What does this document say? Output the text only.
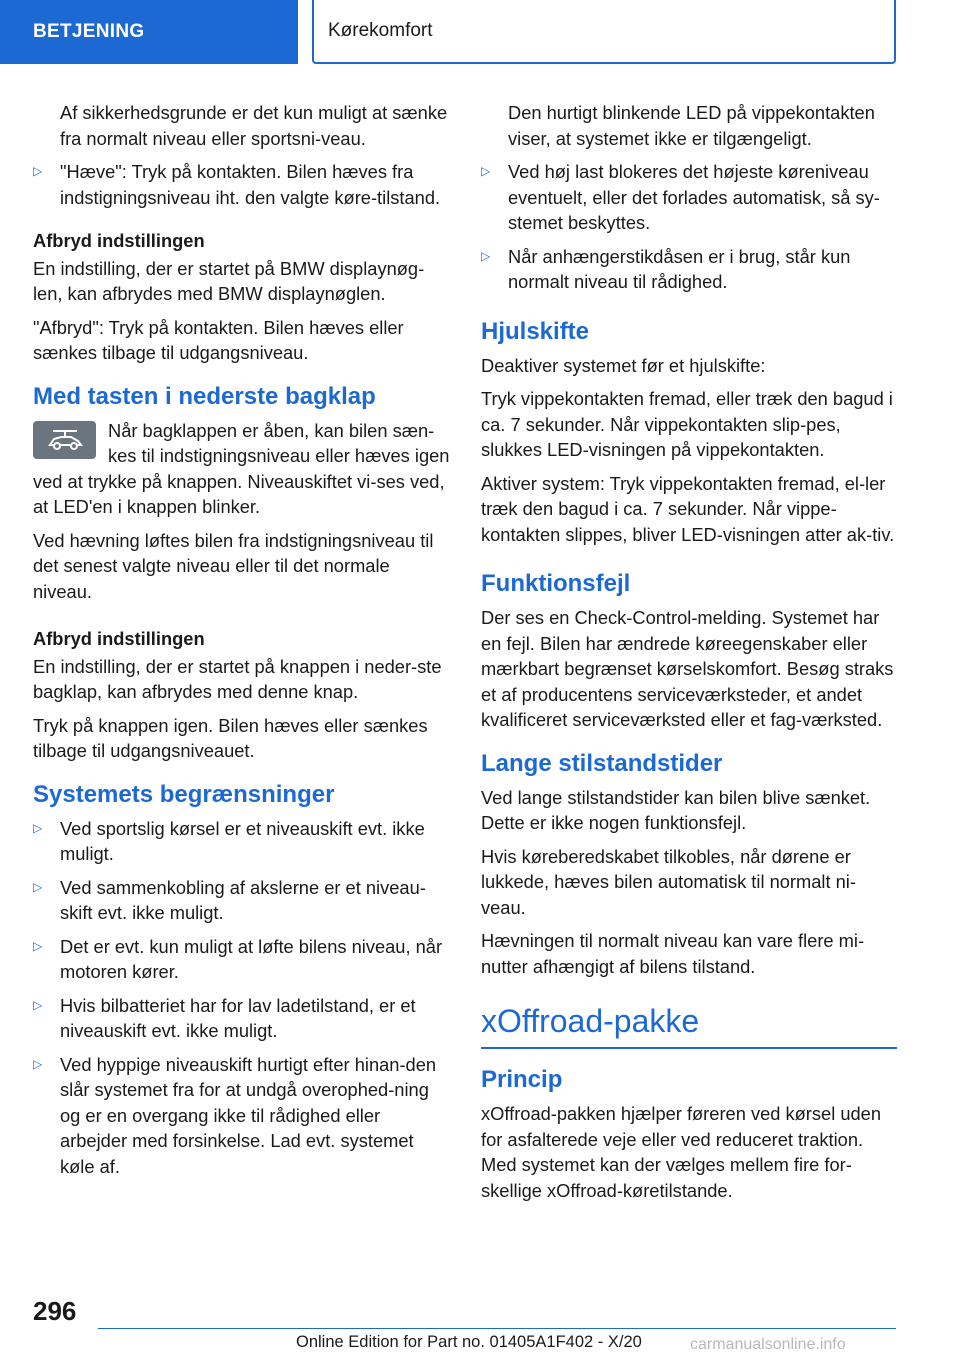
BETJENING	Kørekomfort

Af sikkerhedsgrunde er det kun muligt at sænke fra normalt niveau eller sportsni-veau.

▷ "Hæve": Tryk på kontakten. Bilen hæves fra indstigningsniveau iht. den valgte køre-tilstand.
Afbryd indstillingen

En indstilling, der er startet på BMW displaynøg-len, kan afbrydes med BMW displaynøglen.

"Afbryd": Tryk på kontakten. Bilen hæves eller sænkes tilbage til udgangsniveau.

Med tasten i nederste bagklap

Når bagklappen er åben, kan bilen sæn-kes til indstigningsniveau eller hæves igen ved at trykke på knappen. Niveauskiftet vi-ses ved, at LED'en i knappen blinker.

Ved hævning løftes bilen fra indstigningsniveau til det senest valgte niveau eller til det normale niveau.

Afbryd indstillingen

En indstilling, der er startet på knappen i neder-ste bagklap, kan afbrydes med denne knap.

Tryk på knappen igen. Bilen hæves eller sænkes tilbage til udgangsniveauet.

Systemets begrænsninger
▷ Ved sportslig kørsel er et niveauskift evt. ikke muligt.
▷ Ved sammenkobling af akslerne er et niveau-skift evt. ikke muligt.
▷ Det er evt. kun muligt at løfte bilens niveau, når motoren kører.
▷ Hvis bilbatteriet har for lav ladetilstand, er et niveauskift evt. ikke muligt.
▷ Ved hyppige niveauskift hurtigt efter hinan-den slår systemet fra for at undgå overophed-ning og er en overgang ikke til rådighed eller arbejder med forsinkelse. Lad evt. systemet køle af.

Den hurtigt blinkende LED på vippekontakten viser, at systemet ikke er tilgængeligt.

▷ Ved høj last blokeres det højeste køreniveau eventuelt, eller det forlades automatisk, så sy-stemet beskyttes.
▷ Når anhængerstikdåsen er i brug, står kun normalt niveau til rådighed.
Hjulskifte

Deaktiver systemet før et hjulskifte:

Tryk vippekontakten fremad, eller træk den bagud i ca. 7 sekunder. Når vippekontakten slip-pes, slukkes LED-visningen på vippekontakten.

Aktiver system: Tryk vippekontakten fremad, el-ler træk den bagud i ca. 7 sekunder. Når vippe-kontakten slippes, bliver LED-visningen atter ak-tiv.

Funktionsfejl

Der ses en Check-Control-melding. Systemet har en fejl. Bilen har ændrede køreegenskaber eller mærkbart begrænset kørselskomfort. Besøg straks et af producentens serviceværksteder, et andet kvalificeret serviceværksted eller et fag-værksted.

Lange stilstandstider

Ved lange stilstandstider kan bilen blive sænket. Dette er ikke nogen funktionsfejl.

Hvis køreberedskabet tilkobles, når dørene er lukkede, hæves bilen automatisk til normalt ni-veau.

Hævningen til normalt niveau kan vare flere mi-nutter afhængigt af bilens tilstand.

xOffroad-pakke
Princip

xOffroad-pakken hjælper føreren ved kørsel uden for asfalterede veje eller ved reduceret traktion. Med systemet kan der vælges mellem fire for-skellige xOffroad-køretilstande.

296
Online Edition for Part no. 01405A1F402 - X/20	carmanualsonline.info
